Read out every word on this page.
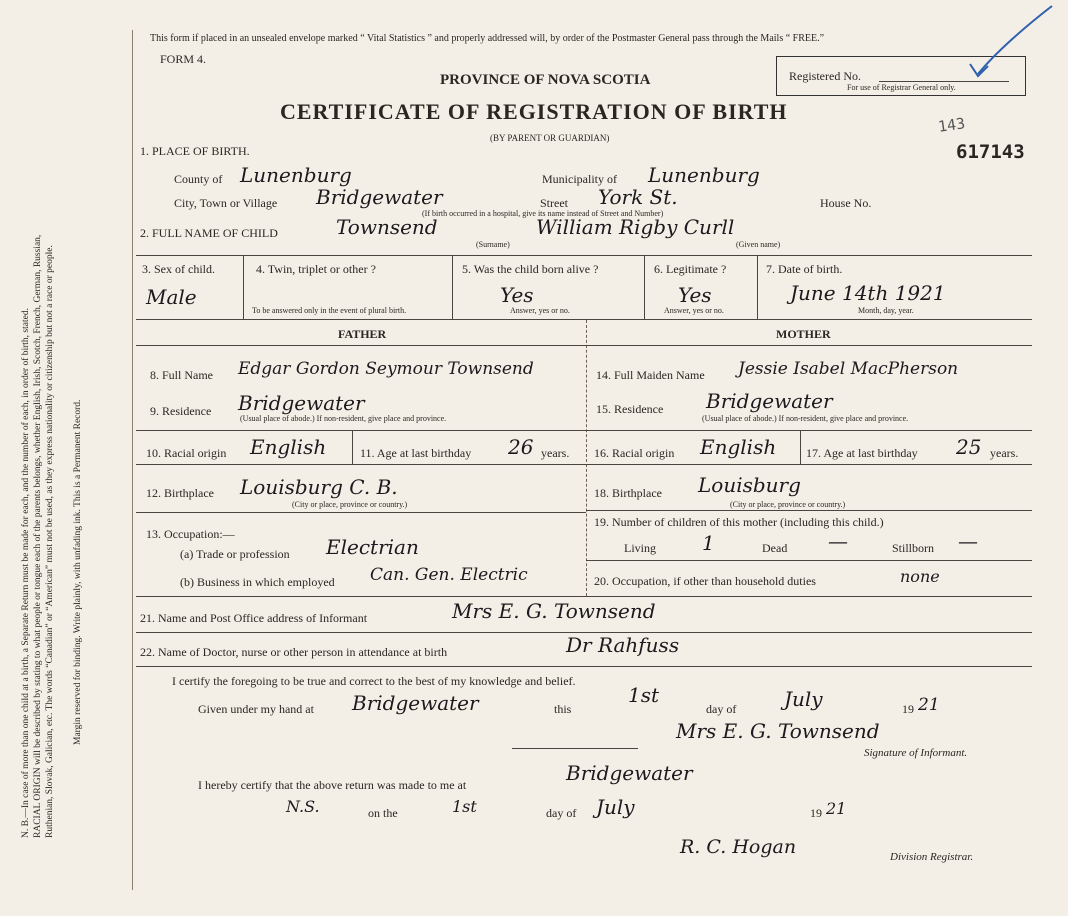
N. B.—In case of more than one child at a birth, a Separate Return must be made for each, and the number of each, in order of birth, stated. RACIAL ORIGIN will be described by stating to what people or tongue each of the parents belongs, whether English, Irish, Scotch, French, German, Russian, Ruthenian, Slovak, Galician, etc. The words “Canadian” or “American” must not be used, as they express nationality or citizenship but not a race or people. Margin reserved for binding. Write plainly, with unfading ink. This is a Permanent Record.
This form if placed in an unsealed envelope marked “ Vital Statistics ” and properly addressed will, by order of the Postmaster General pass through the Mails “ FREE.”
FORM 4.
PROVINCE OF NOVA SCOTIA
CERTIFICATE OF REGISTRATION OF BIRTH
(BY PARENT OR GUARDIAN)
Registered No.
For use of Registrar General only.
143
617143
1. PLACE OF BIRTH.
County of Lunenburg	Municipality of Lunenburg
City, Town or Village Bridgewater	Street York St.	House No.
(If birth occurred in a hospital, give its name instead of Street and Number)
2. FULL NAME OF CHILD	Townsend	William Rigby Curll
(Surname)	(Given name)
3. Sex of child.
Male
4. Twin, triplet or other ?
To be answered only in the event of plural birth.
5. Was the child born alive ?
Yes
Answer, yes or no.
6. Legitimate ?
Yes
Answer, yes or no.
7. Date of birth.
June 14th 1921
Month, day, year.
FATHER	MOTHER
8. Full Name Edgar Gordon Seymour Townsend
9. Residence Bridgewater
(Usual place of abode.) If non-resident, give place and province.
10. Racial origin English	11. Age at last birthday 26 years.
12. Birthplace Louisburg C. B.
(City or place, province or country.)
13. Occupation:—
(a) Trade or profession Electrian
(b) Business in which employed Can. Gen. Electric
14. Full Maiden Name Jessie Isabel MacPherson
15. Residence Bridgewater
(Usual place of abode.) If non-resident, give place and province.
16. Racial origin English 17. Age at last birthday 25 years.
18. Birthplace Louisburg
(City or place, province or country.)
19. Number of children of this mother (including this child.)
Living 1	Dead —	Stillborn —
20. Occupation, if other than household duties	none
21. Name and Post Office address of Informant	Mrs E. G. Townsend
22. Name of Doctor, nurse or other person in attendance at birth	Dr Rahfuss
I certify the foregoing to be true and correct to the best of my knowledge and belief.
Given under my hand at Bridgewater	this
1st
day of July	19 21
Mrs E. G. Townsend
Signature of Informant.
I hereby certify that the above return was made to me at	Bridgewater
N.S.	on the	1st	day of July	19 21
R. C. Hogan	Division Registrar.
